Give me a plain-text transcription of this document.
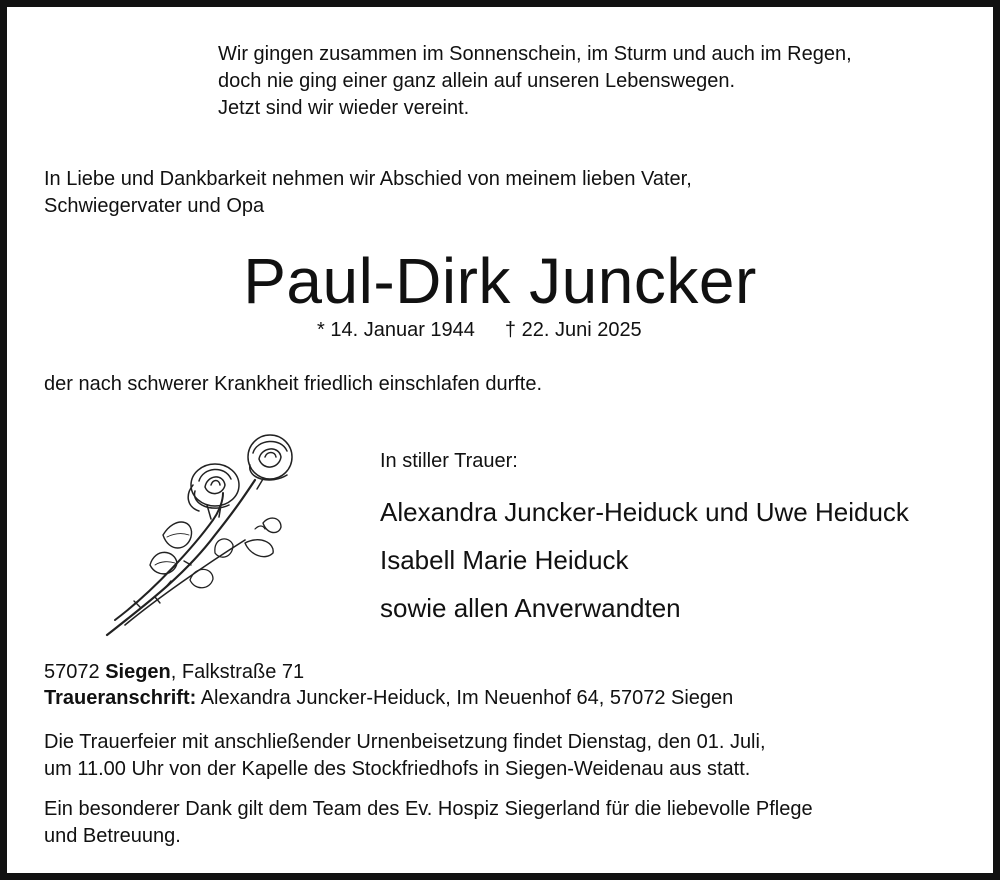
Wir gingen zusammen im Sonnenschein, im Sturm und auch im Regen,
doch nie ging einer ganz allein auf unseren Lebenswegen.
Jetzt sind wir wieder vereint.
In Liebe und Dankbarkeit nehmen wir Abschied von meinem lieben Vater,
Schwiegervater und Opa
Paul-Dirk Juncker
* 14. Januar 1944 † 22. Juni 2025
der nach schwerer Krankheit friedlich einschlafen durfte.
In stiller Trauer:
Alexandra Juncker-Heiduck und Uwe Heiduck
Isabell Marie Heiduck
sowie allen Anverwandten
57072 Siegen, Falkstraße 71
Traueranschrift: Alexandra Juncker-Heiduck, Im Neuenhof 64, 57072 Siegen
Die Trauerfeier mit anschließender Urnenbeisetzung findet Dienstag, den 01. Juli,
um 11.00 Uhr von der Kapelle des Stockfriedhofs in Siegen-Weidenau aus statt.
Ein besonderer Dank gilt dem Team des Ev. Hospiz Siegerland für die liebevolle Pflege
und Betreuung.
